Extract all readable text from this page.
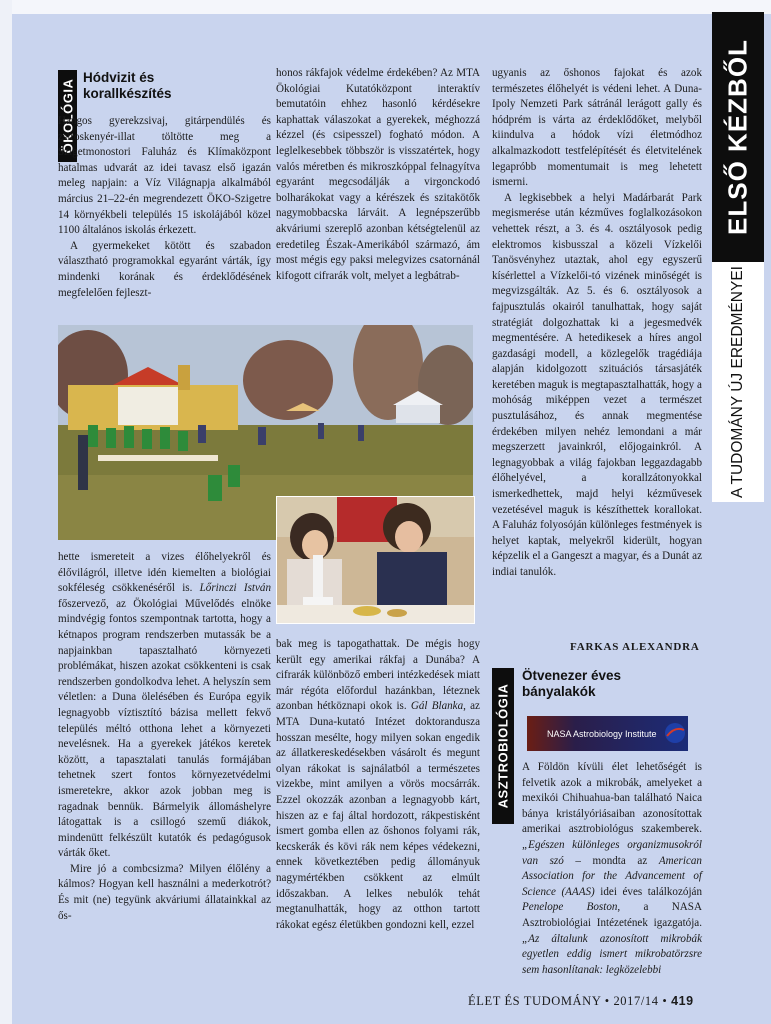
ELSŐ KÉZBŐL
A TUDOMÁNY ÚJ EREDMÉNYEI
ÖKOLÓGIA
Hódvizit és
korallkészítés

Hangos gyerekzsivaj, gitárpendülés és zsíroskenyér-illat töltötte meg a Szigetmonostori Faluház és Klímaközpont hatalmas udvarát az idei tavasz első igazán meleg napjain: a Víz Világnapja alkalmából március 21–22-én megrendezett ÖKO-Szigetre 14 környékbeli település 15 iskolájából közel 1100 általános iskolás érkezett.

A gyermekeket kötött és szabadon választható programokkal egyaránt várták, így mindenki korának és érdeklődésének megfelelően fejleszt-

honos rákfajok védelme érdekében? Az MTA Ökológiai Kutatóközpont interaktív bemutatóin ehhez hasonló kérdésekre kaphattak válaszokat a gyerekek, méghozzá kézzel (és csipesszel) fogható módon. A leglelkesebbek többször is visszatértek, hogy valós méretben és mikroszkóppal felnagyítva egyaránt megcsodálják a virgonckodó bolharákokat vagy a kérészek és szitakötők nagymobbacska lárváit. A legnépszerűbb akváriumi szereplő azonban kétségtelenül az eredetileg Észak-Amerikából származó, ám most mégis egy paksi melegvizes csatornánál kifogott cifrarák volt, melyet a legbátrab-

ugyanis az őshonos fajokat és azok természetes élőhelyét is védeni lehet. A Duna-Ipoly Nemzeti Park sátránál lerágott gally és hódprém is várta az érdeklődőket, melyből kiindulva a hódok vízi életmódhoz alkalmazkodott testfelépítését és életvitelének legapróbb momentumait is meg lehetett ismerni.

A legkisebbek a helyi Madárbarát Park megismerése után kézműves foglalkozásokon vehettek részt, a 3. és 4. osztályosok pedig elektromos kisbusszal a közeli Vízkelői Tanösvényhez utaztak, ahol egy egyszerű kísérlettel a Vízkelői-tó vizének minőségét is megvizsgálták. Az 5. és 6. osztályosok a fajpusztulás okairól tanulhattak, hogy saját stratégiát dolgozhattak ki a jegesmedvék megmentésére. A hetedikesek a híres angol gazdasági modell, a közlegelők tragédiája alapján kidolgozott szituációs társasjáték keretében maguk is megtapasztalhatták, hogy a mohóság miképpen vezet a természet pusztulásához, és annak megmentése érdekében milyen nehéz lemondani a már megszerzett javainkról, előjogainkról. A legnagyobbak a világ fajokban leggazdagabb élőhelyével, a korallzátonyokkal ismerkedhettek, majd helyi kézművesek vezetésével maguk is készíthettek korallokat. A Faluház folyosóján különleges festmények is helyet kaptak, melyekről kiderült, hogyan képzelik el a Gangeszt a magyar, és a Dunát az indiai tanulók.

FARKAS ALEXANDRA

hette ismereteit a vizes élőhelyekről és élővilágról, illetve idén kiemelten a biológiai sokféleség csökkenéséről is. Lőrinczi István főszervező, az Ökológiai Művelődés elnöke mindvégig fontos szempontnak tartotta, hogy a kétnapos program rendszerben mutassák be a napjainkban tapasztalható környezeti problémákat, hiszen azokat csökkenteni is csak rendszerben gondolkodva lehet. A helyszín sem véletlen: a Duna ölelésében és Európa egyik legnagyobb víztisztító bázisa mellett fekvő település méltó otthona lehet a környezeti nevelésnek. Ha a gyerekek játékos keretek között, a tapasztalati tanulás formájában tehetnek szert fontos környezetvédelmi ismeretekre, akkor azok jobban meg is ragadnak bennük. Bármelyik állomáshelyre látogattak is a csillogó szemű diákok, mindenütt felkészült kutatók és pedagógusok várták őket.

Mire jó a combcsizma? Milyen élőlény a kálmos? Hogyan kell használni a mederkotrót? És mit (ne) tegyünk akváriumi állatainkkal az ős-

bak meg is tapogathattak. De mégis hogy került egy amerikai rákfaj a Dunába? A cifrarák különböző emberi intézkedések miatt már régóta előfordul hazánkban, léteznek azonban hétköznapi okok is. Gál Blanka, az MTA Duna-kutató Intézet doktorandusza hosszan mesélte, hogy milyen sokan engedik az állatkereskedésekben vásárolt és megunt olyan rákokat is sajnálatból a természetes vizekbe, mint amilyen a vörös mocsárrák. Ezzel okozzák azonban a legnagyobb kárt, hiszen az e faj által hordozott, rákpestisként ismert gomba ellen az őshonos folyami rák, kecskerák és kövi rák nem képes védekezni, ennek következtében pedig állományuk nagymértékben csökkent az elmúlt időszakban. A lelkes nebulók tehát megtanulhatták, hogy az otthon tartott rákokat egész életükben gondozni kell, ezzel

ASZTROBIOLÓGIA
Ötvenezer éves
bányalakók
NASA Astrobiology Institute

A Földön kívüli élet lehetőségét is felvetik azok a mikrobák, amelyeket a mexikói Chihuahua-ban található Naica bánya kristályóriásaiban azonosítottak amerikai asztrobiológus szakemberek. „Egészen különleges organizmusokról van szó – mondta az American Association for the Advancement of Science (AAAS) idei éves találkozóján Penelope Boston, a NASA Asztrobiológiai Intézetének igazgatója. „Az általunk azonosított mikrobák egyetlen eddig ismert mikrobatörzsre sem hasonlítanak: legközelebbi

ÉLET ÉS TUDOMÁNY • 2017/14 • 419
